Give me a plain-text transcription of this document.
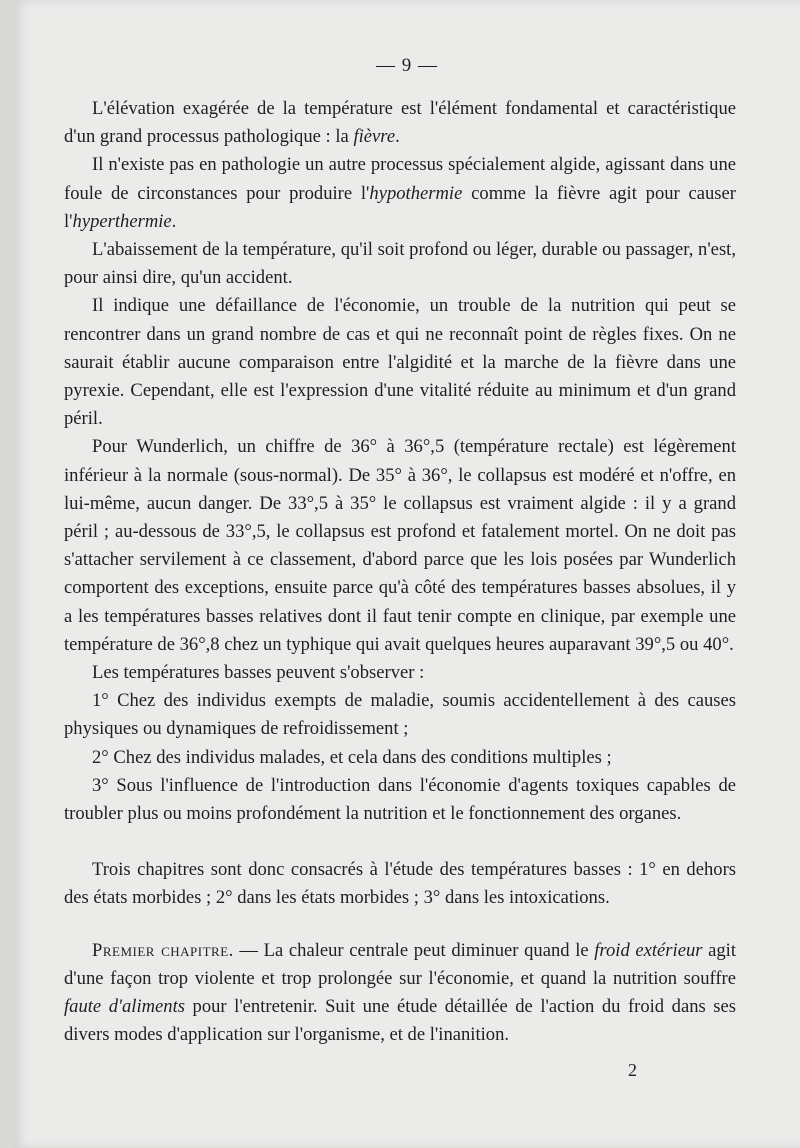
— 9 —

L'élévation exagérée de la température est l'élément fondamental et caractéristique d'un grand processus pathologique : la fièvre.

Il n'existe pas en pathologie un autre processus spécialement algide, agissant dans une foule de circonstances pour produire l'hypothermie comme la fièvre agit pour causer l'hyperthermie.

L'abaissement de la température, qu'il soit profond ou léger, durable ou passager, n'est, pour ainsi dire, qu'un accident.

Il indique une défaillance de l'économie, un trouble de la nutrition qui peut se rencontrer dans un grand nombre de cas et qui ne reconnaît point de règles fixes. On ne saurait établir aucune comparaison entre l'algidité et la marche de la fièvre dans une pyrexie. Cependant, elle est l'expression d'une vitalité réduite au minimum et d'un grand péril.

Pour Wunderlich, un chiffre de 36° à 36°,5 (température rectale) est légèrement inférieur à la normale (sous-normal). De 35° à 36°, le collapsus est modéré et n'offre, en lui-même, aucun danger. De 33°,5 à 35° le collapsus est vraiment algide : il y a grand péril ; au-dessous de 33°,5, le collapsus est profond et fatalement mortel. On ne doit pas s'attacher servilement à ce classement, d'abord parce que les lois posées par Wunderlich comportent des exceptions, ensuite parce qu'à côté des températures basses absolues, il y a les températures basses relatives dont il faut tenir compte en clinique, par exemple une température de 36°,8 chez un typhique qui avait quelques heures auparavant 39°,5 ou 40°.

Les températures basses peuvent s'observer :

1° Chez des individus exempts de maladie, soumis accidentellement à des causes physiques ou dynamiques de refroidissement ;

2° Chez des individus malades, et cela dans des conditions multiples ;

3° Sous l'influence de l'introduction dans l'économie d'agents toxiques capables de troubler plus ou moins profondément la nutrition et le fonctionnement des organes.

Trois chapitres sont donc consacrés à l'étude des températures basses : 1° en dehors des états morbides ; 2° dans les états morbides ; 3° dans les intoxications.

Premier chapitre. — La chaleur centrale peut diminuer quand le froid extérieur agit d'une façon trop violente et trop prolongée sur l'économie, et quand la nutrition souffre faute d'aliments pour l'entretenir. Suit une étude détaillée de l'action du froid dans ses divers modes d'application sur l'organisme, et de l'inanition.

2
